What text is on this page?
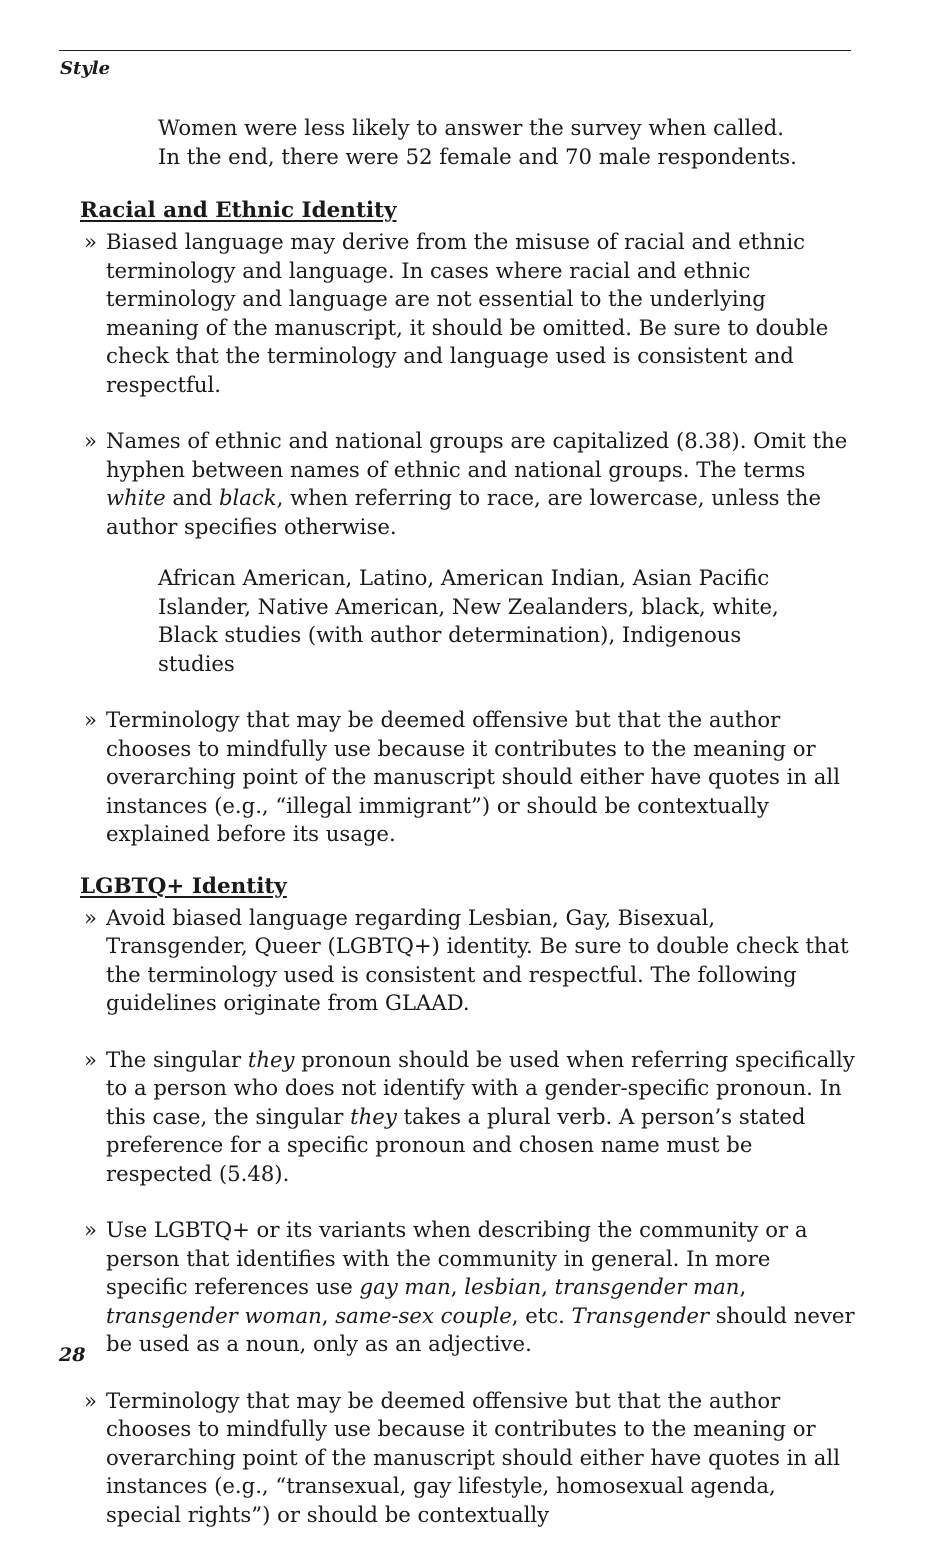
Style

Women were less likely to answer the survey when called. In the end, there were 52 female and 70 male respondents.

Racial and Ethnic Identity
» Biased language may derive from the misuse of racial and ethnic terminology and language. In cases where racial and ethnic terminology and language are not essential to the underlying meaning of the manuscript, it should be omitted. Be sure to double check that the terminology and language used is consistent and respectful.
» Names of ethnic and national groups are capitalized (8.38). Omit the hyphen between names of ethnic and national groups. The terms white and black, when referring to race, are lowercase, unless the author specifies otherwise.

African American, Latino, American Indian, Asian Pacific Islander, Native American, New Zealanders, black, white, Black studies (with author determination), Indigenous studies

» Terminology that may be deemed offensive but that the author chooses to mindfully use because it contributes to the meaning or overarching point of the manuscript should either have quotes in all instances (e.g., “illegal immigrant”) or should be contextually explained before its usage.
LGBTQ+ Identity
» Avoid biased language regarding Lesbian, Gay, Bisexual, Transgender, Queer (LGBTQ+) identity. Be sure to double check that the terminology used is consistent and respectful. The following guidelines originate from GLAAD.
» The singular they pronoun should be used when referring specifically to a person who does not identify with a gender-specific pronoun. In this case, the singular they takes a plural verb. A person’s stated preference for a specific pronoun and chosen name must be respected (5.48).
» Use LGBTQ+ or its variants when describing the community or a person that identifies with the community in general. In more specific references use gay man, lesbian, transgender man, transgender woman, same-sex couple, etc. Transgender should never be used as a noun, only as an adjective.
» Terminology that may be deemed offensive but that the author chooses to mindfully use because it contributes to the meaning or overarching point of the manuscript should either have quotes in all instances (e.g., “transexual, gay lifestyle, homosexual agenda, special rights”) or should be contextually
28
